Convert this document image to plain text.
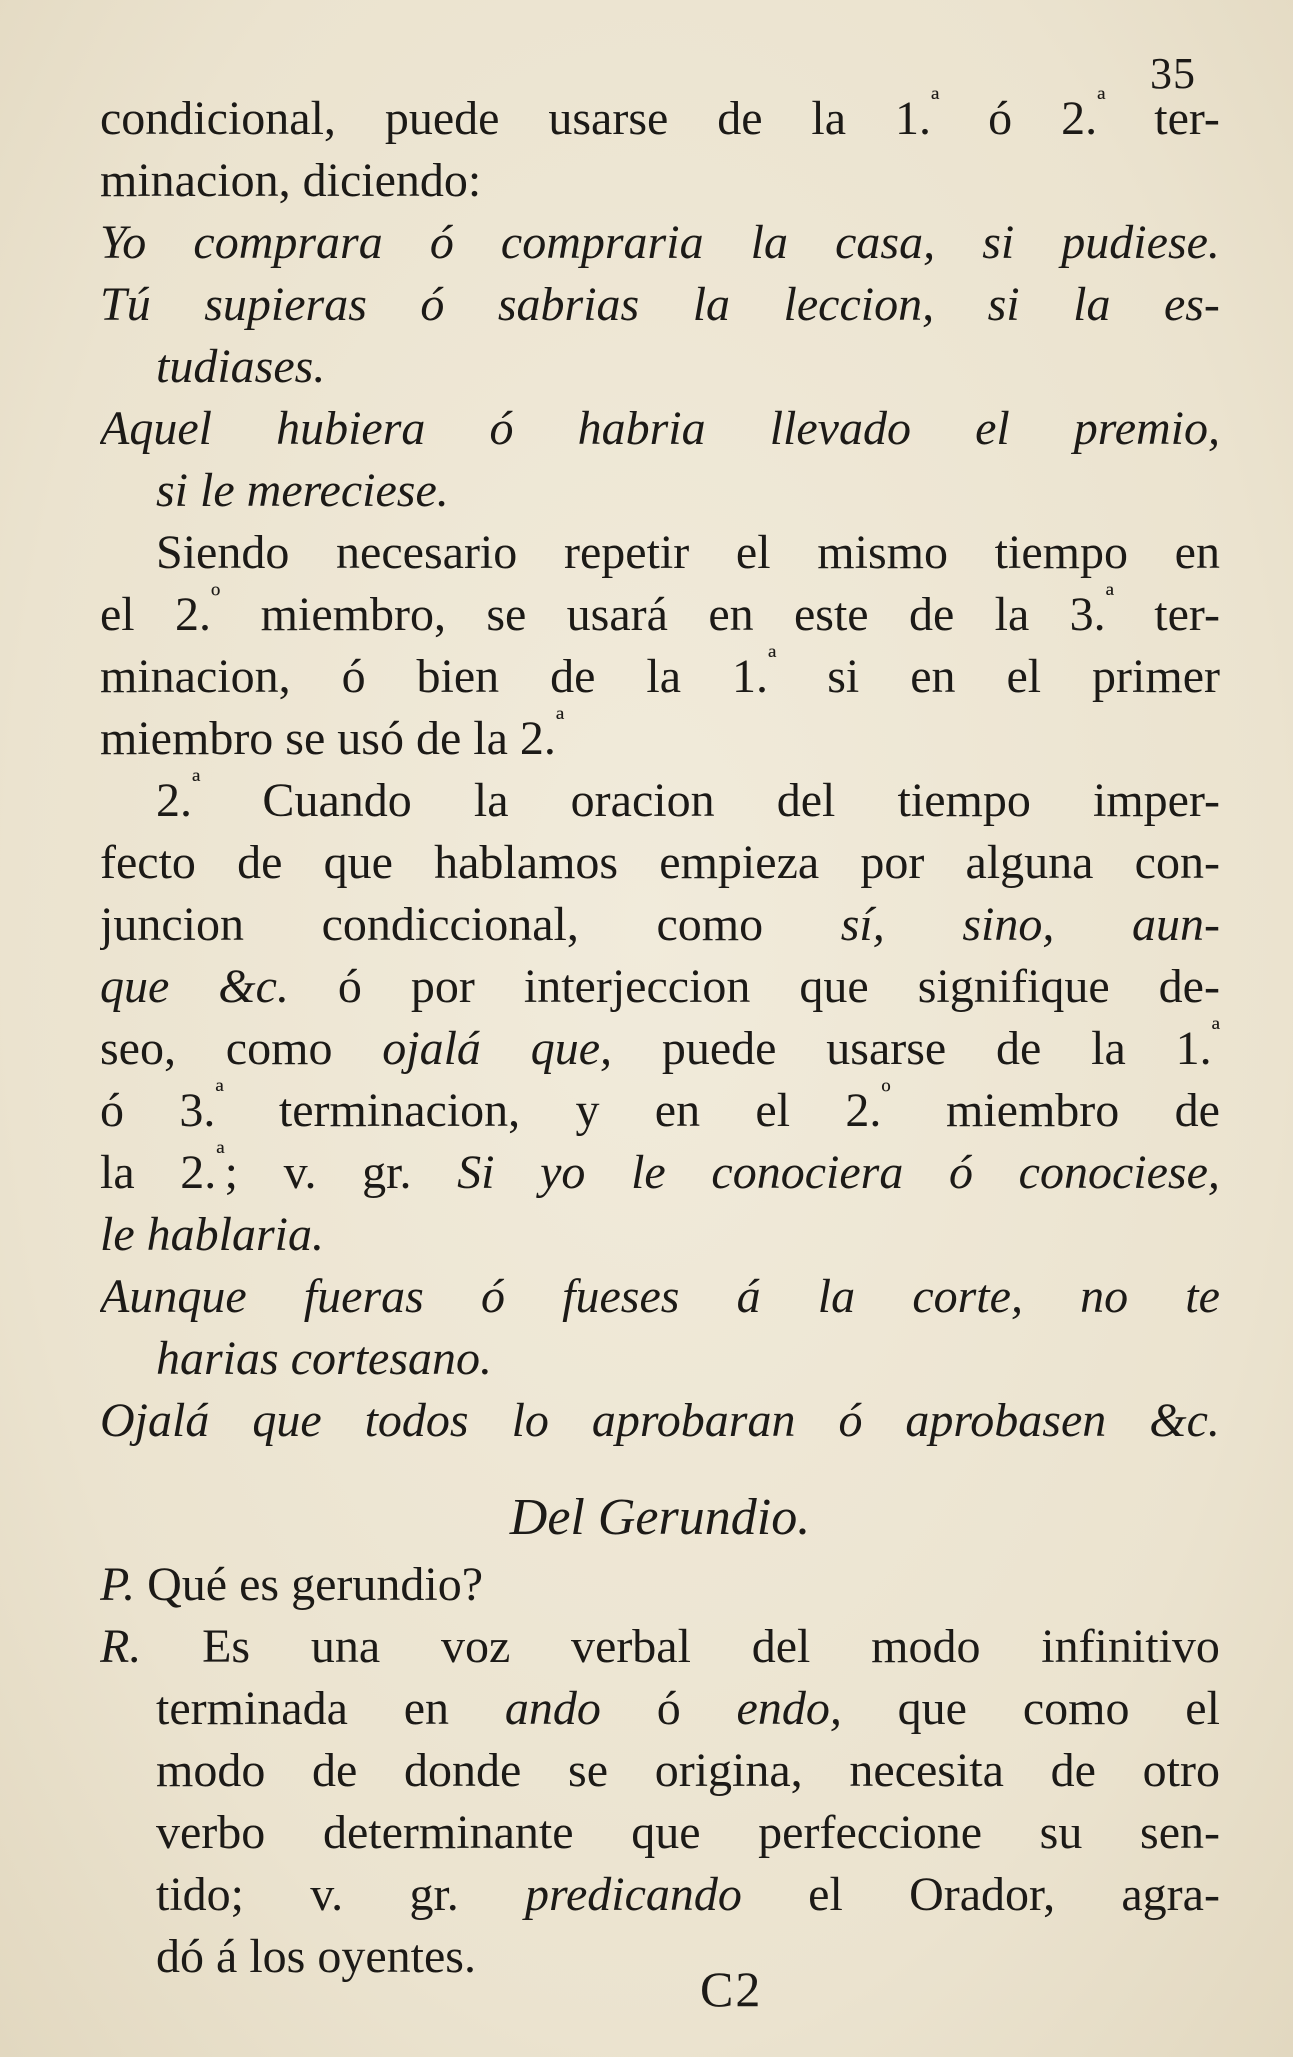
35
condicional, puede usarse de la 1.$^ª$ ó 2.$^ª$ ter-
minacion, diciendo:
Yo comprara ó compraria la casa, si pudiese.
Tú supieras ó sabrias la leccion, si la es-
tudiases.
Aquel hubiera ó habria llevado el premio,
si le mereciese.
Siendo necesario repetir el mismo tiempo en
el 2.$^º$ miembro, se usará en este de la 3.$^ª$ ter-
minacion, ó bien de la 1.$^ª$ si en el primer
miembro se usó de la 2.$^ª$
2.$^ª$ Cuando la oracion del tiempo imper-
fecto de que hablamos empieza por alguna con-
juncion condiccional, como sí, sino, aun-
que &c. ó por interjeccion que signifique de-
seo, como ojalá que, puede usarse de la 1.$^ª$
ó 3.$^ª$ terminacion, y en el 2.$^º$ miembro de
la 2.$^ª$; v. gr. Si yo le conociera ó conociese,
le hablaria.
Aunque fueras ó fueses á la corte, no te
harias cortesano.
Ojalá que todos lo aprobaran ó aprobasen &c.
Del Gerundio.
P. Qué es gerundio?
R. Es una voz verbal del modo infinitivo
terminada en ando ó endo, que como el
modo de donde se origina, necesita de otro
verbo determinante que perfeccione su sen-
tido; v. gr. predicando el Orador, agra-
dó á los oyentes.
C2
